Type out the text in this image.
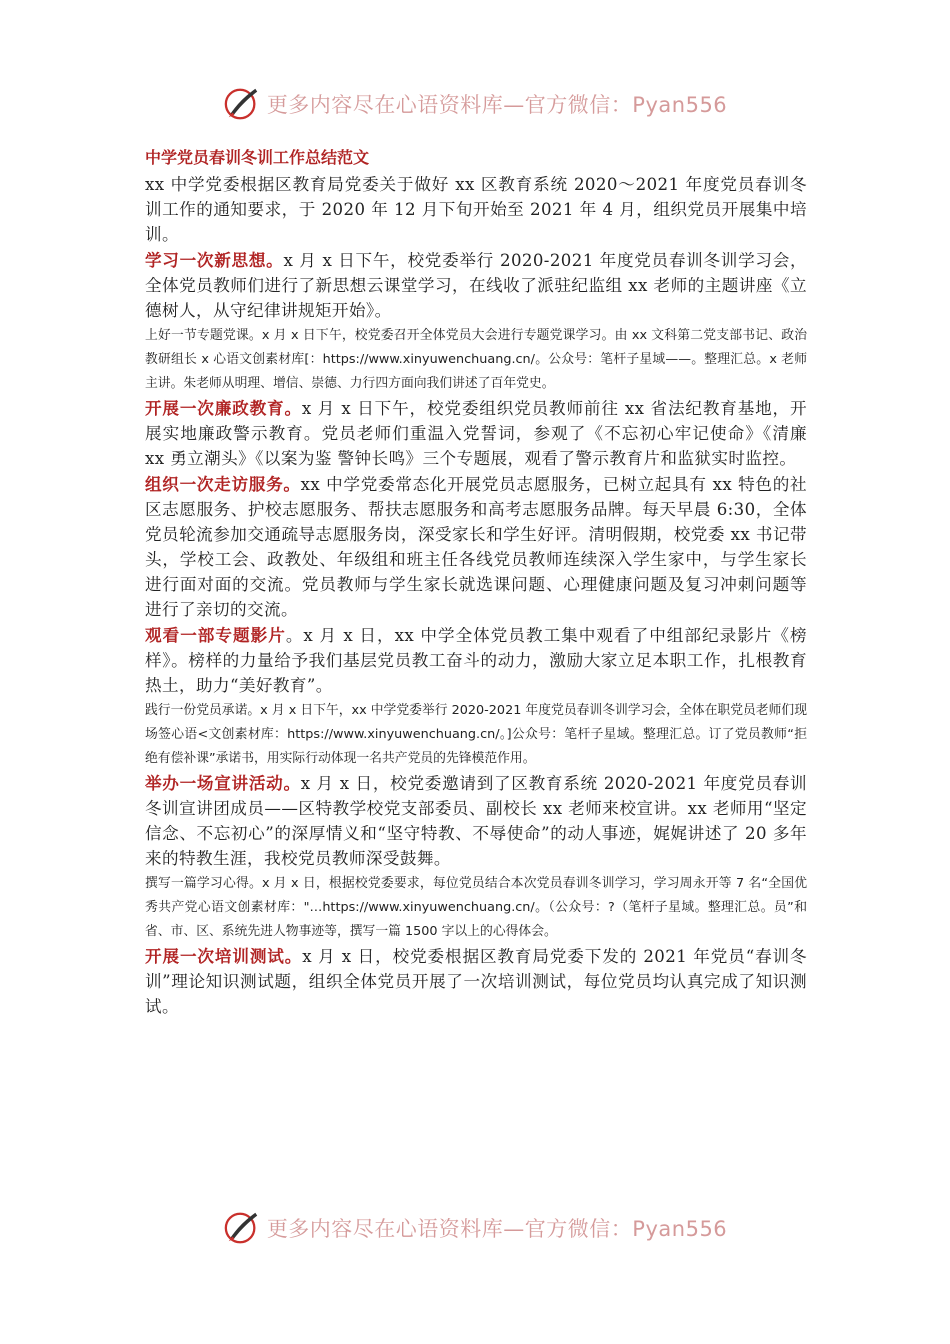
更多内容尽在心语资料库—官方微信：Pyan556
中学党员春训冬训工作总结范文

xx 中学党委根据区教育局党委关于做好 xx 区教育系统 2020～2021 年度党员春训冬训工作的通知要求，于 2020 年 12 月下旬开始至 2021 年 4 月，组织党员开展集中培训。

学习一次新思想。x 月 x 日下午，校党委举行 2020-2021 年度党员春训冬训学习会，全体党员教师们进行了新思想云课堂学习，在线收了派驻纪监组 xx 老师的主题讲座《立德树人，从守纪律讲规矩开始》。

上好一节专题党课。x 月 x 日下午，校党委召开全体党员大会进行专题党课学习。由 xx 文科第二党支部书记、政治教研组长 x 心语文创素材库[：https://www.xinyuwenchuang.cn/。公众号：笔杆子星域——。整理汇总。x 老师主讲。朱老师从明理、增信、崇德、力行四方面向我们讲述了百年党史。

开展一次廉政教育。x 月 x 日下午，校党委组织党员教师前往 xx 省法纪教育基地，开展实地廉政警示教育。党员老师们重温入党誓词，参观了《不忘初心牢记使命》《清廉 xx 勇立潮头》《以案为鉴 警钟长鸣》三个专题展，观看了警示教育片和监狱实时监控。

组织一次走访服务。xx 中学党委常态化开展党员志愿服务，已树立起具有 xx 特色的社区志愿服务、护校志愿服务、帮扶志愿服务和高考志愿服务品牌。每天早晨 6:30，全体党员轮流参加交通疏导志愿服务岗，深受家长和学生好评。清明假期，校党委 xx 书记带头，学校工会、政教处、年级组和班主任各线党员教师连续深入学生家中，与学生家长进行面对面的交流。党员教师与学生家长就选课问题、心理健康问题及复习冲刺问题等进行了亲切的交流。

观看一部专题影片。x 月 x 日，xx 中学全体党员教工集中观看了中组部纪录影片《榜样》。榜样的力量给予我们基层党员教工奋斗的动力，激励大家立足本职工作，扎根教育热土，助力“美好教育”。

践行一份党员承诺。x 月 x 日下午，xx 中学党委举行 2020-2021 年度党员春训冬训学习会，全体在职党员老师们现场签心语<文创素材库：https://www.xinyuwenchuang.cn/。]公众号：笔杆子星域。整理汇总。订了党员教师“拒绝有偿补课”承诺书，用实际行动体现一名共产党员的先锋模范作用。

举办一场宣讲活动。x 月 x 日，校党委邀请到了区教育系统 2020-2021 年度党员春训冬训宣讲团成员——区特教学校党支部委员、副校长 xx 老师来校宣讲。xx 老师用“坚定信念、不忘初心”的深厚情义和“坚守特教、不辱使命”的动人事迹，娓娓讲述了 20 多年来的特教生涯，我校党员教师深受鼓舞。

撰写一篇学习心得。x 月 x 日，根据校党委要求，每位党员结合本次党员春训冬训学习，学习周永开等 7 名“全国优秀共产党心语文创素材库："…https://www.xinyuwenchuang.cn/。（公众号：?（笔杆子星域。整理汇总。员”和省、市、区、系统先进人物事迹等，撰写一篇 1500 字以上的心得体会。

开展一次培训测试。x 月 x 日，校党委根据区教育局党委下发的 2021 年党员“春训冬训”理论知识测试题，组织全体党员开展了一次培训测试，每位党员均认真完成了知识测试。

更多内容尽在心语资料库—官方微信：Pyan556
